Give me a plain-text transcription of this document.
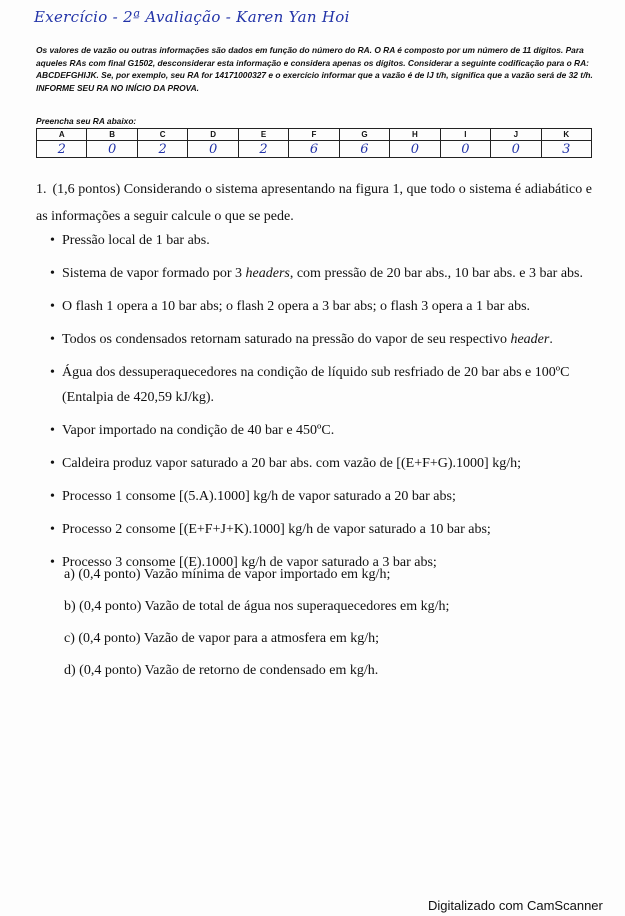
Exercício - 2ª Avaliação - Karen Yan Hoi
Os valores de vazão ou outras informações são dados em função do número do RA. O RA é composto por um número de 11 dígitos. Para aqueles RAs com final G1502, desconsiderar esta informação e considera apenas os dígitos. Considerar a seguinte codificação para o RA: ABCDEFGHIJK. Se, por exemplo, seu RA for 14171000327 e o exercício informar que a vazão é de IJ t/h, significa que a vazão será de 32 t/h. INFORME SEU RA NO INÍCIO DA PROVA.
Preencha seu RA abaixo:
A	B	C	D	E	F	G	H	I	J	K
2	0	2	0	2	6	6	0	0	0	3
1. (1,6 pontos) Considerando o sistema apresentando na figura 1, que todo o sistema é adiabático e as informações a seguir calcule o que se pede.
• Pressão local de 1 bar abs.
• Sistema de vapor formado por 3 headers, com pressão de 20 bar abs., 10 bar abs. e 3 bar abs.
• O flash 1 opera a 10 bar abs; o flash 2 opera a 3 bar abs; o flash 3 opera a 1 bar abs.
• Todos os condensados retornam saturado na pressão do vapor de seu respectivo header.
• Água dos dessuperaquecedores na condição de líquido sub resfriado de 20 bar abs e 100ºC (Entalpia de 420,59 kJ/kg).
• Vapor importado na condição de 40 bar e 450ºC.
• Caldeira produz vapor saturado a 20 bar abs. com vazão de [(E+F+G).1000] kg/h;
• Processo 1 consome [(5.A).1000] kg/h de vapor saturado a 20 bar abs;
• Processo 2 consome [(E+F+J+K).1000] kg/h de vapor saturado a 10 bar abs;
• Processo 3 consome [(E).1000] kg/h de vapor saturado a 3 bar abs;
a) (0,4 ponto) Vazão mínima de vapor importado em kg/h;
b) (0,4 ponto) Vazão de total de água nos superaquecedores em kg/h;
c) (0,4 ponto) Vazão de vapor para a atmosfera em kg/h;
d) (0,4 ponto) Vazão de retorno de condensado em kg/h.
Digitalizado com CamScanner
